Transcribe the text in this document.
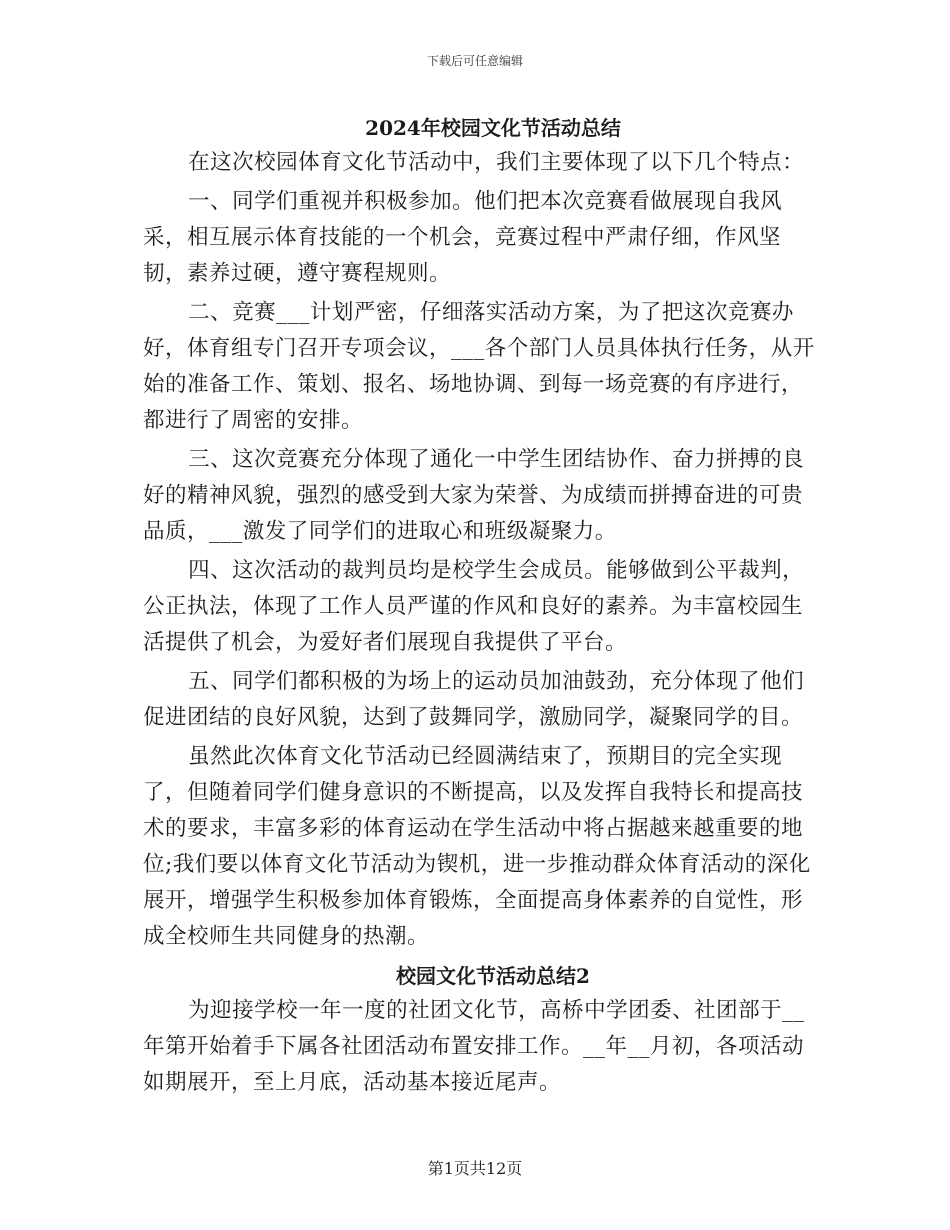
下载后可任意编辑
2024年校园文化节活动总结

在这次校园体育文化节活动中，我们主要体现了以下几个特点：

一、同学们重视并积极参加。他们把本次竞赛看做展现自我风采，相互展示体育技能的一个机会，竞赛过程中严肃仔细，作风坚韧，素养过硬，遵守赛程规则。

二、竞赛___计划严密，仔细落实活动方案，为了把这次竞赛办好，体育组专门召开专项会议，___各个部门人员具体执行任务，从开始的准备工作、策划、报名、场地协调、到每一场竞赛的有序进行，都进行了周密的安排。

三、这次竞赛充分体现了通化一中学生团结协作、奋力拼搏的良好的精神风貌，强烈的感受到大家为荣誉、为成绩而拼搏奋进的可贵品质，___激发了同学们的进取心和班级凝聚力。

四、这次活动的裁判员均是校学生会成员。能够做到公平裁判，公正执法，体现了工作人员严谨的作风和良好的素养。为丰富校园生活提供了机会，为爱好者们展现自我提供了平台。

五、同学们都积极的为场上的运动员加油鼓劲，充分体现了他们促进团结的良好风貌，达到了鼓舞同学，激励同学，凝聚同学的目。

虽然此次体育文化节活动已经圆满结束了，预期目的完全实现了，但随着同学们健身意识的不断提高，以及发挥自我特长和提高技术的要求，丰富多彩的体育运动在学生活动中将占据越来越重要的地位;我们要以体育文化节活动为锲机，进一步推动群众体育活动的深化展开，增强学生积极参加体育锻炼，全面提高身体素养的自觉性，形成全校师生共同健身的热潮。

校园文化节活动总结2

为迎接学校一年一度的社团文化节，高桥中学团委、社团部于__年第开始着手下属各社团活动布置安排工作。__年__月初，各项活动如期展开，至上月底，活动基本接近尾声。

第1页共12页
